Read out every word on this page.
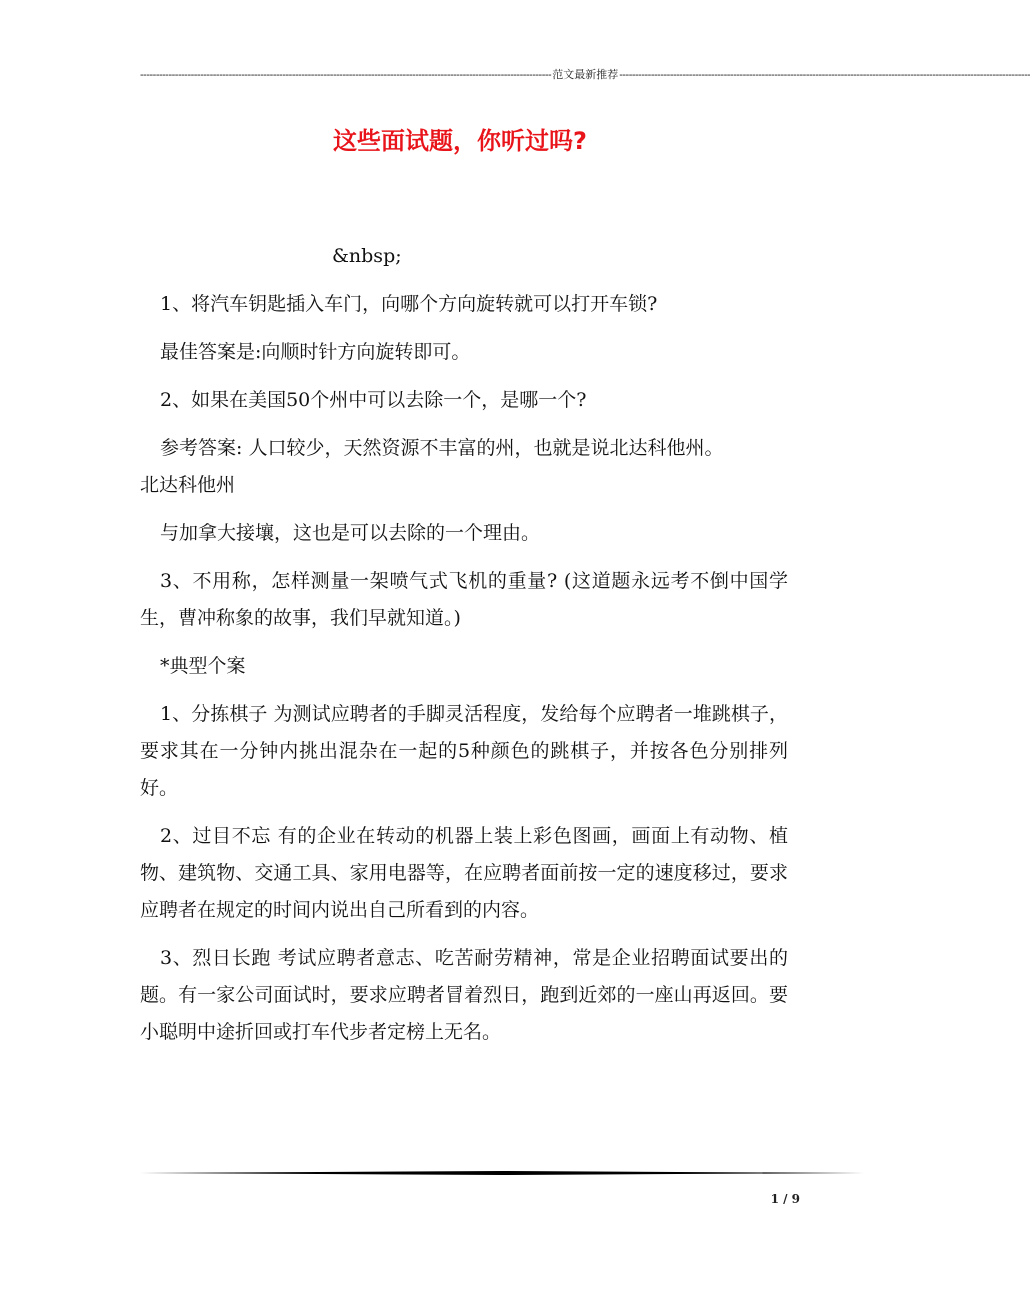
---------------------------------------------------------------------------------------------------------------------------------- 范文最新推荐 ----------------------------------------------------------------------------------------------------------------------------------
这些面试题，你听过吗?

&nbsp;

1、将汽车钥匙插入车门，向哪个方向旋转就可以打开车锁?

最佳答案是:向顺时针方向旋转即可。

2、如果在美国50个州中可以去除一个，是哪一个?

参考答案: 人口较少，天然资源不丰富的州，也就是说北达科他州。

北达科他州

与加拿大接壤，这也是可以去除的一个理由。

3、不用称，怎样测量一架喷气式飞机的重量? (这道题永远考不倒中国学生，曹冲称象的故事，我们早就知道。)

*典型个案

1、分拣棋子 为测试应聘者的手脚灵活程度，发给每个应聘者一堆跳棋子，要求其在一分钟内挑出混杂在一起的5种颜色的跳棋子，并按各色分别排列好。

2、过目不忘 有的企业在转动的机器上装上彩色图画，画面上有动物、植物、建筑物、交通工具、家用电器等，在应聘者面前按一定的速度移过，要求应聘者在规定的时间内说出自己所看到的内容。

3、烈日长跑 考试应聘者意志、吃苦耐劳精神，常是企业招聘面试要出的题。有一家公司面试时，要求应聘者冒着烈日，跑到近郊的一座山再返回。要小聪明中途折回或打车代步者定榜上无名。

1 / 9
